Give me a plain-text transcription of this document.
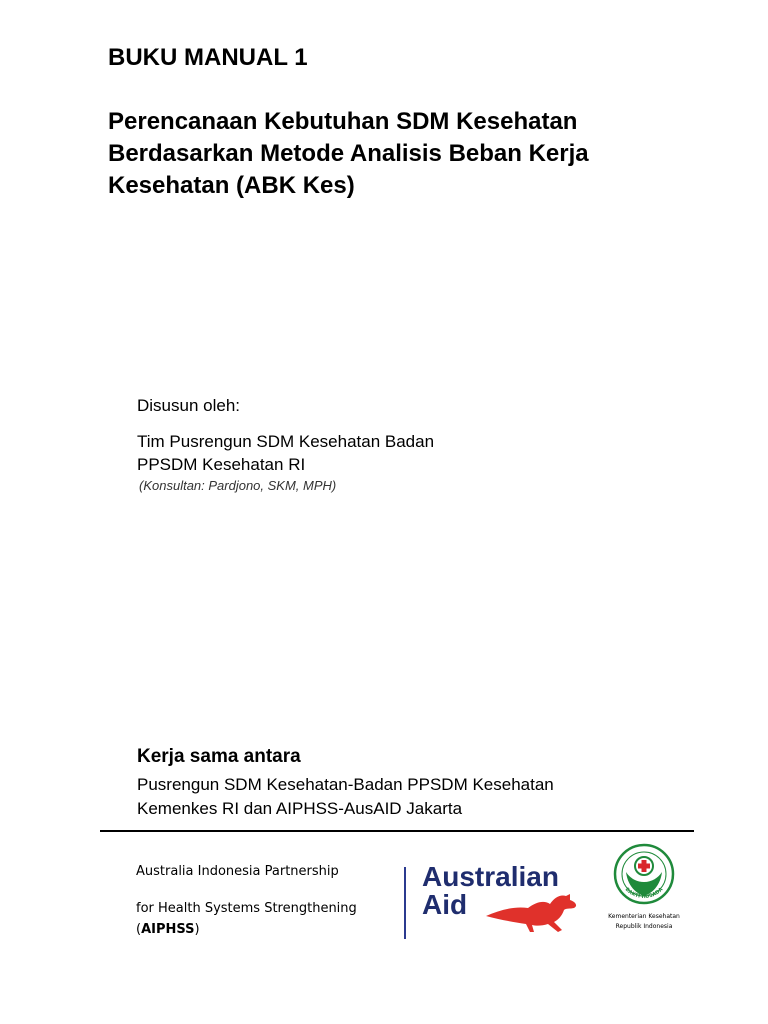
BUKU MANUAL 1
Perencanaan Kebutuhan SDM Kesehatan
Berdasarkan Metode Analisis Beban Kerja
Kesehatan (ABK Kes)
Disusun oleh:
Tim Pusrengun SDM Kesehatan Badan
PPSDM Kesehatan RI
(Konsultan: Pardjono, SKM, MPH)
Kerja sama antara
Pusrengun SDM Kesehatan-Badan PPSDM Kesehatan
Kemenkes RI dan AIPHSS-AusAID Jakarta
Australia Indonesia Partnership
for Health Systems Strengthening
(AIPHSS)
Australian
Aid	BAKTI HUSADA
Kementerian Kesehatan
Republik Indonesia
